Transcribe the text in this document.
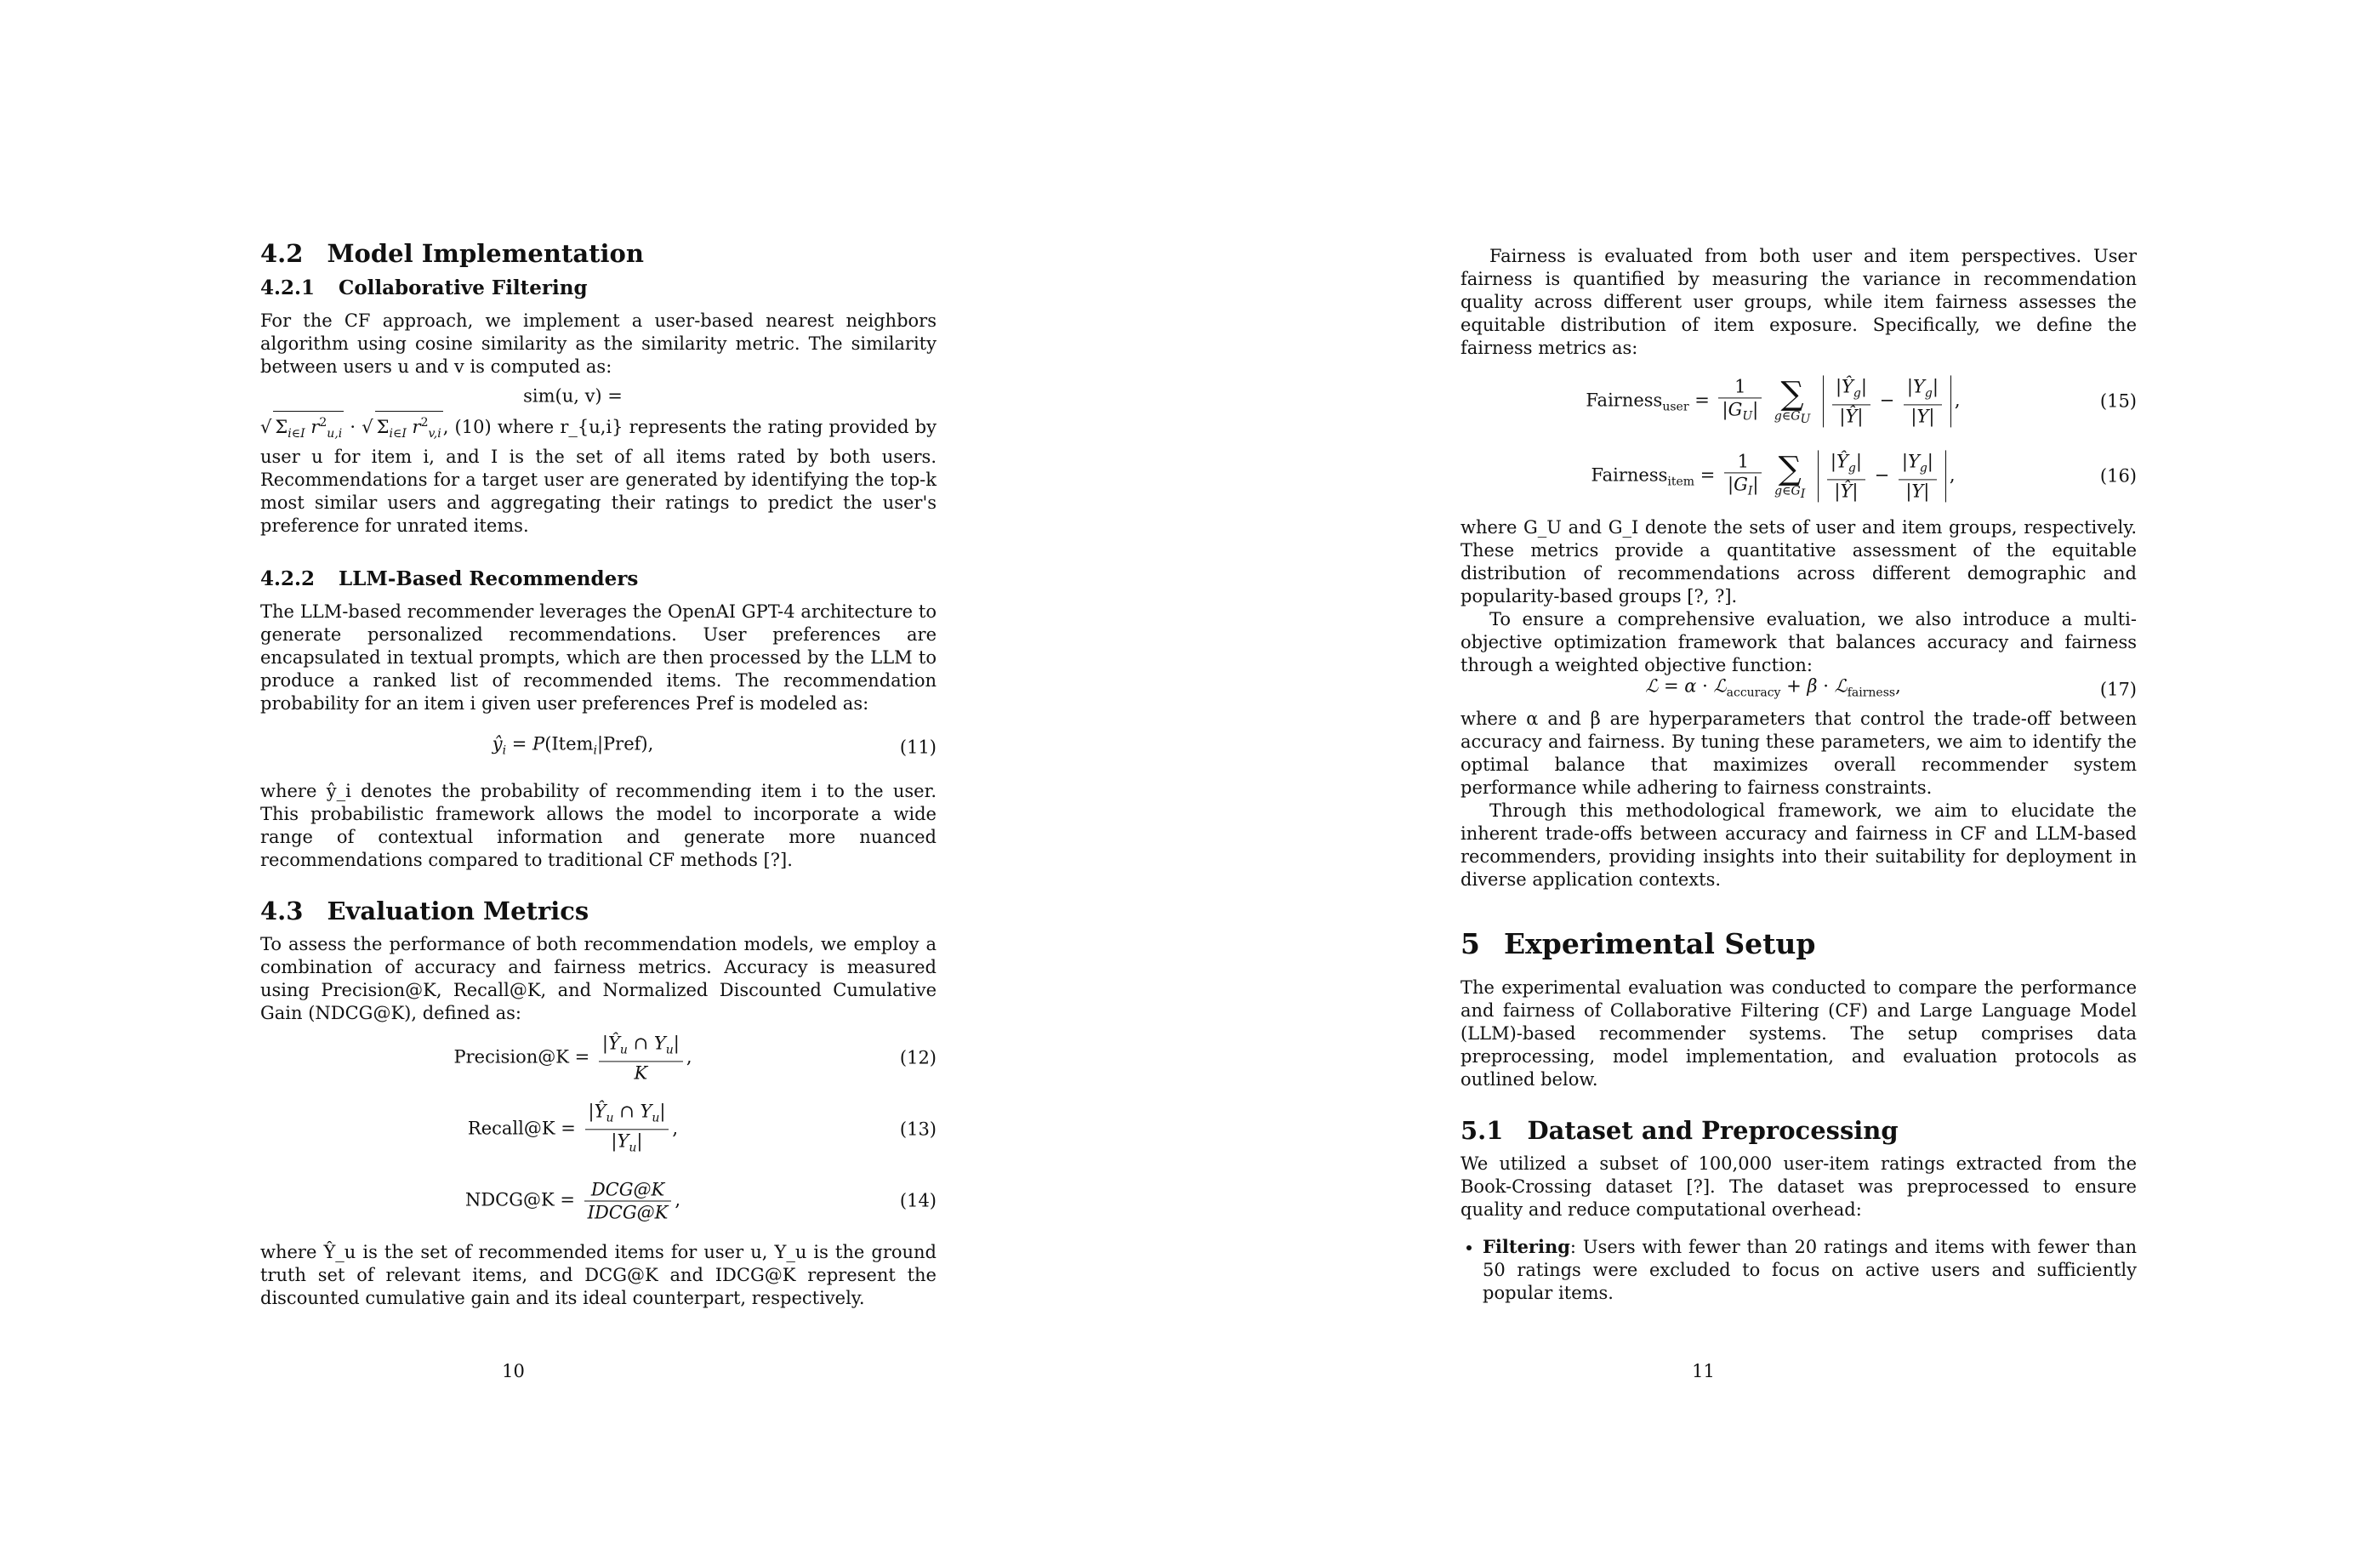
4.2 Model Implementation
4.2.1 Collaborative Filtering

For the CF approach, we implement a user-based nearest neighbors algorithm using cosine similarity as the similarity metric. The similarity between users u and v is computed as:

sim(u, v) =

√ $\Sigma_{i\in I}$ $r^2_{u,i}$ · √ $\Sigma_{i\in I}$ $r^2_{v,i}$, (10) where r_{u,i} represents the rating provided by user u for item i, and I is the set of all items rated by both users. Recommendations for a target user are generated by identifying the top-k most similar users and aggregating their ratings to predict the user's preference for unrated items.

4.2.2 LLM-Based Recommenders

The LLM-based recommender leverages the OpenAI GPT-4 architecture to generate personalized recommendations. User preferences are encapsulated in textual prompts, which are then processed by the LLM to produce a ranked list of recommended items. The recommendation probability for an item i given user preferences Pref is modeled as:

$ŷ_i$ = P(Item$_i$|Pref),	(11)

where ŷ_i denotes the probability of recommending item i to the user. This probabilistic framework allows the model to incorporate a wide range of contextual information and generate more nuanced recommendations compared to traditional CF methods [?].

4.3 Evaluation Metrics

To assess the performance of both recommendation models, we employ a combination of accuracy and fairness metrics. Accuracy is measured using Precision@K, Recall@K, and Normalized Discounted Cumulative Gain (NDCG@K), defined as:

Precision@K = $\frac{|Ŷ_u \cap Y_u|}{K}$ ,	(12)
Recall@K = $\frac{|Ŷ_u \cap Y_u|}{|Y_u|}$ ,	(13)
NDCG@K = $\frac{\text{DCG@K}}{\text{IDCG@K}}$ ,	(14)

where Ŷ_u is the set of recommended items for user u, Y_u is the ground truth set of relevant items, and DCG@K and IDCG@K represent the discounted cumulative gain and its ideal counterpart, respectively.

10

Fairness is evaluated from both user and item perspectives. User fairness is quantified by measuring the variance in recommendation quality across different user groups, while item fairness assesses the equitable distribution of item exposure. Specifically, we define the fairness metrics as:

Fairness$_{user}$ = $\frac{1}{|G_U|}$
∑
$g\in G_U$
$\frac{|Ŷ_g|}{|Ŷ|} - \frac{|Y_g|}{|Y|}$ ,	(15)
Fairness$_{item}$ = $\frac{1}{|G_I|}$
∑
$g\in G_I$
$\frac{|Ŷ_g|}{|Ŷ|} - \frac{|Y_g|}{|Y|}$ ,	(16)

where G_U and G_I denote the sets of user and item groups, respectively. These metrics provide a quantitative assessment of the equitable distribution of recommendations across different demographic and popularity-based groups [?, ?].

To ensure a comprehensive evaluation, we also introduce a multi-objective optimization framework that balances accuracy and fairness through a weighted objective function:

ℒ = α · ℒ$_{accuracy}$ + β · ℒ$_{fairness}$,	(17)

where α and β are hyperparameters that control the trade-off between accuracy and fairness. By tuning these parameters, we aim to identify the optimal balance that maximizes overall recommender system performance while adhering to fairness constraints.

Through this methodological framework, we aim to elucidate the inherent trade-offs between accuracy and fairness in CF and LLM-based recommenders, providing insights into their suitability for deployment in diverse application contexts.

5 Experimental Setup

The experimental evaluation was conducted to compare the performance and fairness of Collaborative Filtering (CF) and Large Language Model (LLM)-based recommender systems. The setup comprises data preprocessing, model implementation, and evaluation protocols as outlined below.

5.1 Dataset and Preprocessing

We utilized a subset of 100,000 user-item ratings extracted from the Book-Crossing dataset [?]. The dataset was preprocessed to ensure quality and reduce computational overhead:

• Filtering: Users with fewer than 20 ratings and items with fewer than 50 ratings were excluded to focus on active users and sufficiently popular items.
11
